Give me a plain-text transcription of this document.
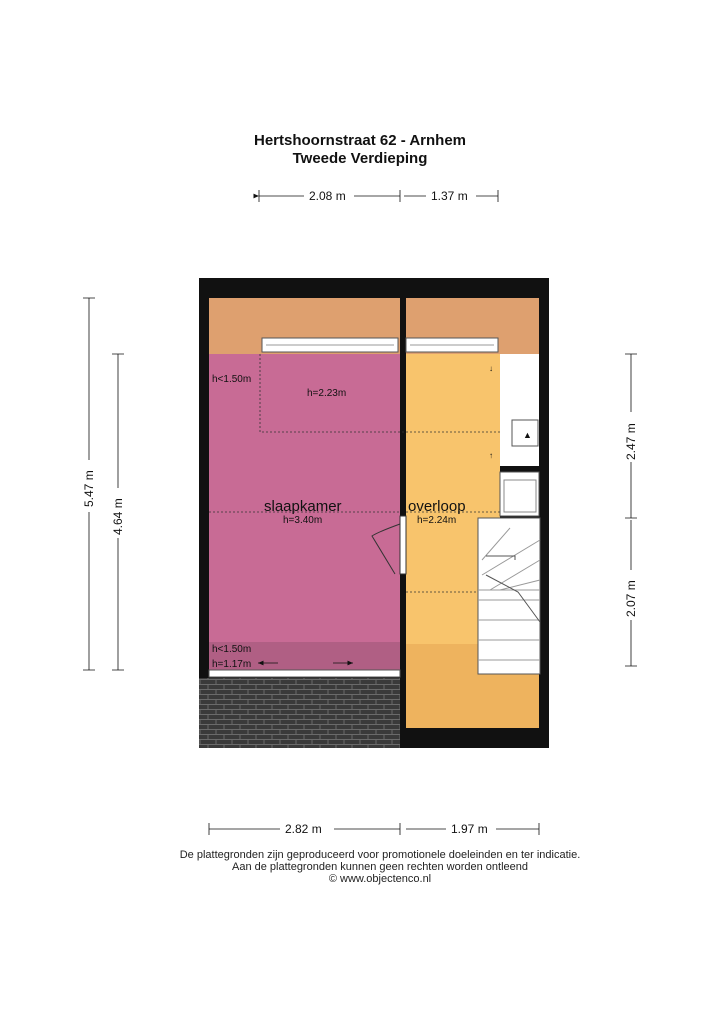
Hertshoornstraat 62 - Arnhem
Tweede Verdieping
▲
slaapkamer
h=3.40m
overloop
h=2.24m
h<1.50m
h=2.23m
h<1.50m
h=1.17m
↓
↑
2.08 m	1.37 m
2.82 m	1.97 m
5.47 m
4.64 m
2.47 m
2.07 m
De plattegronden zijn geproduceerd voor promotionele doeleinden en ter indicatie.
Aan de plattegronden kunnen geen rechten worden ontleend
© www.objectenco.nl
